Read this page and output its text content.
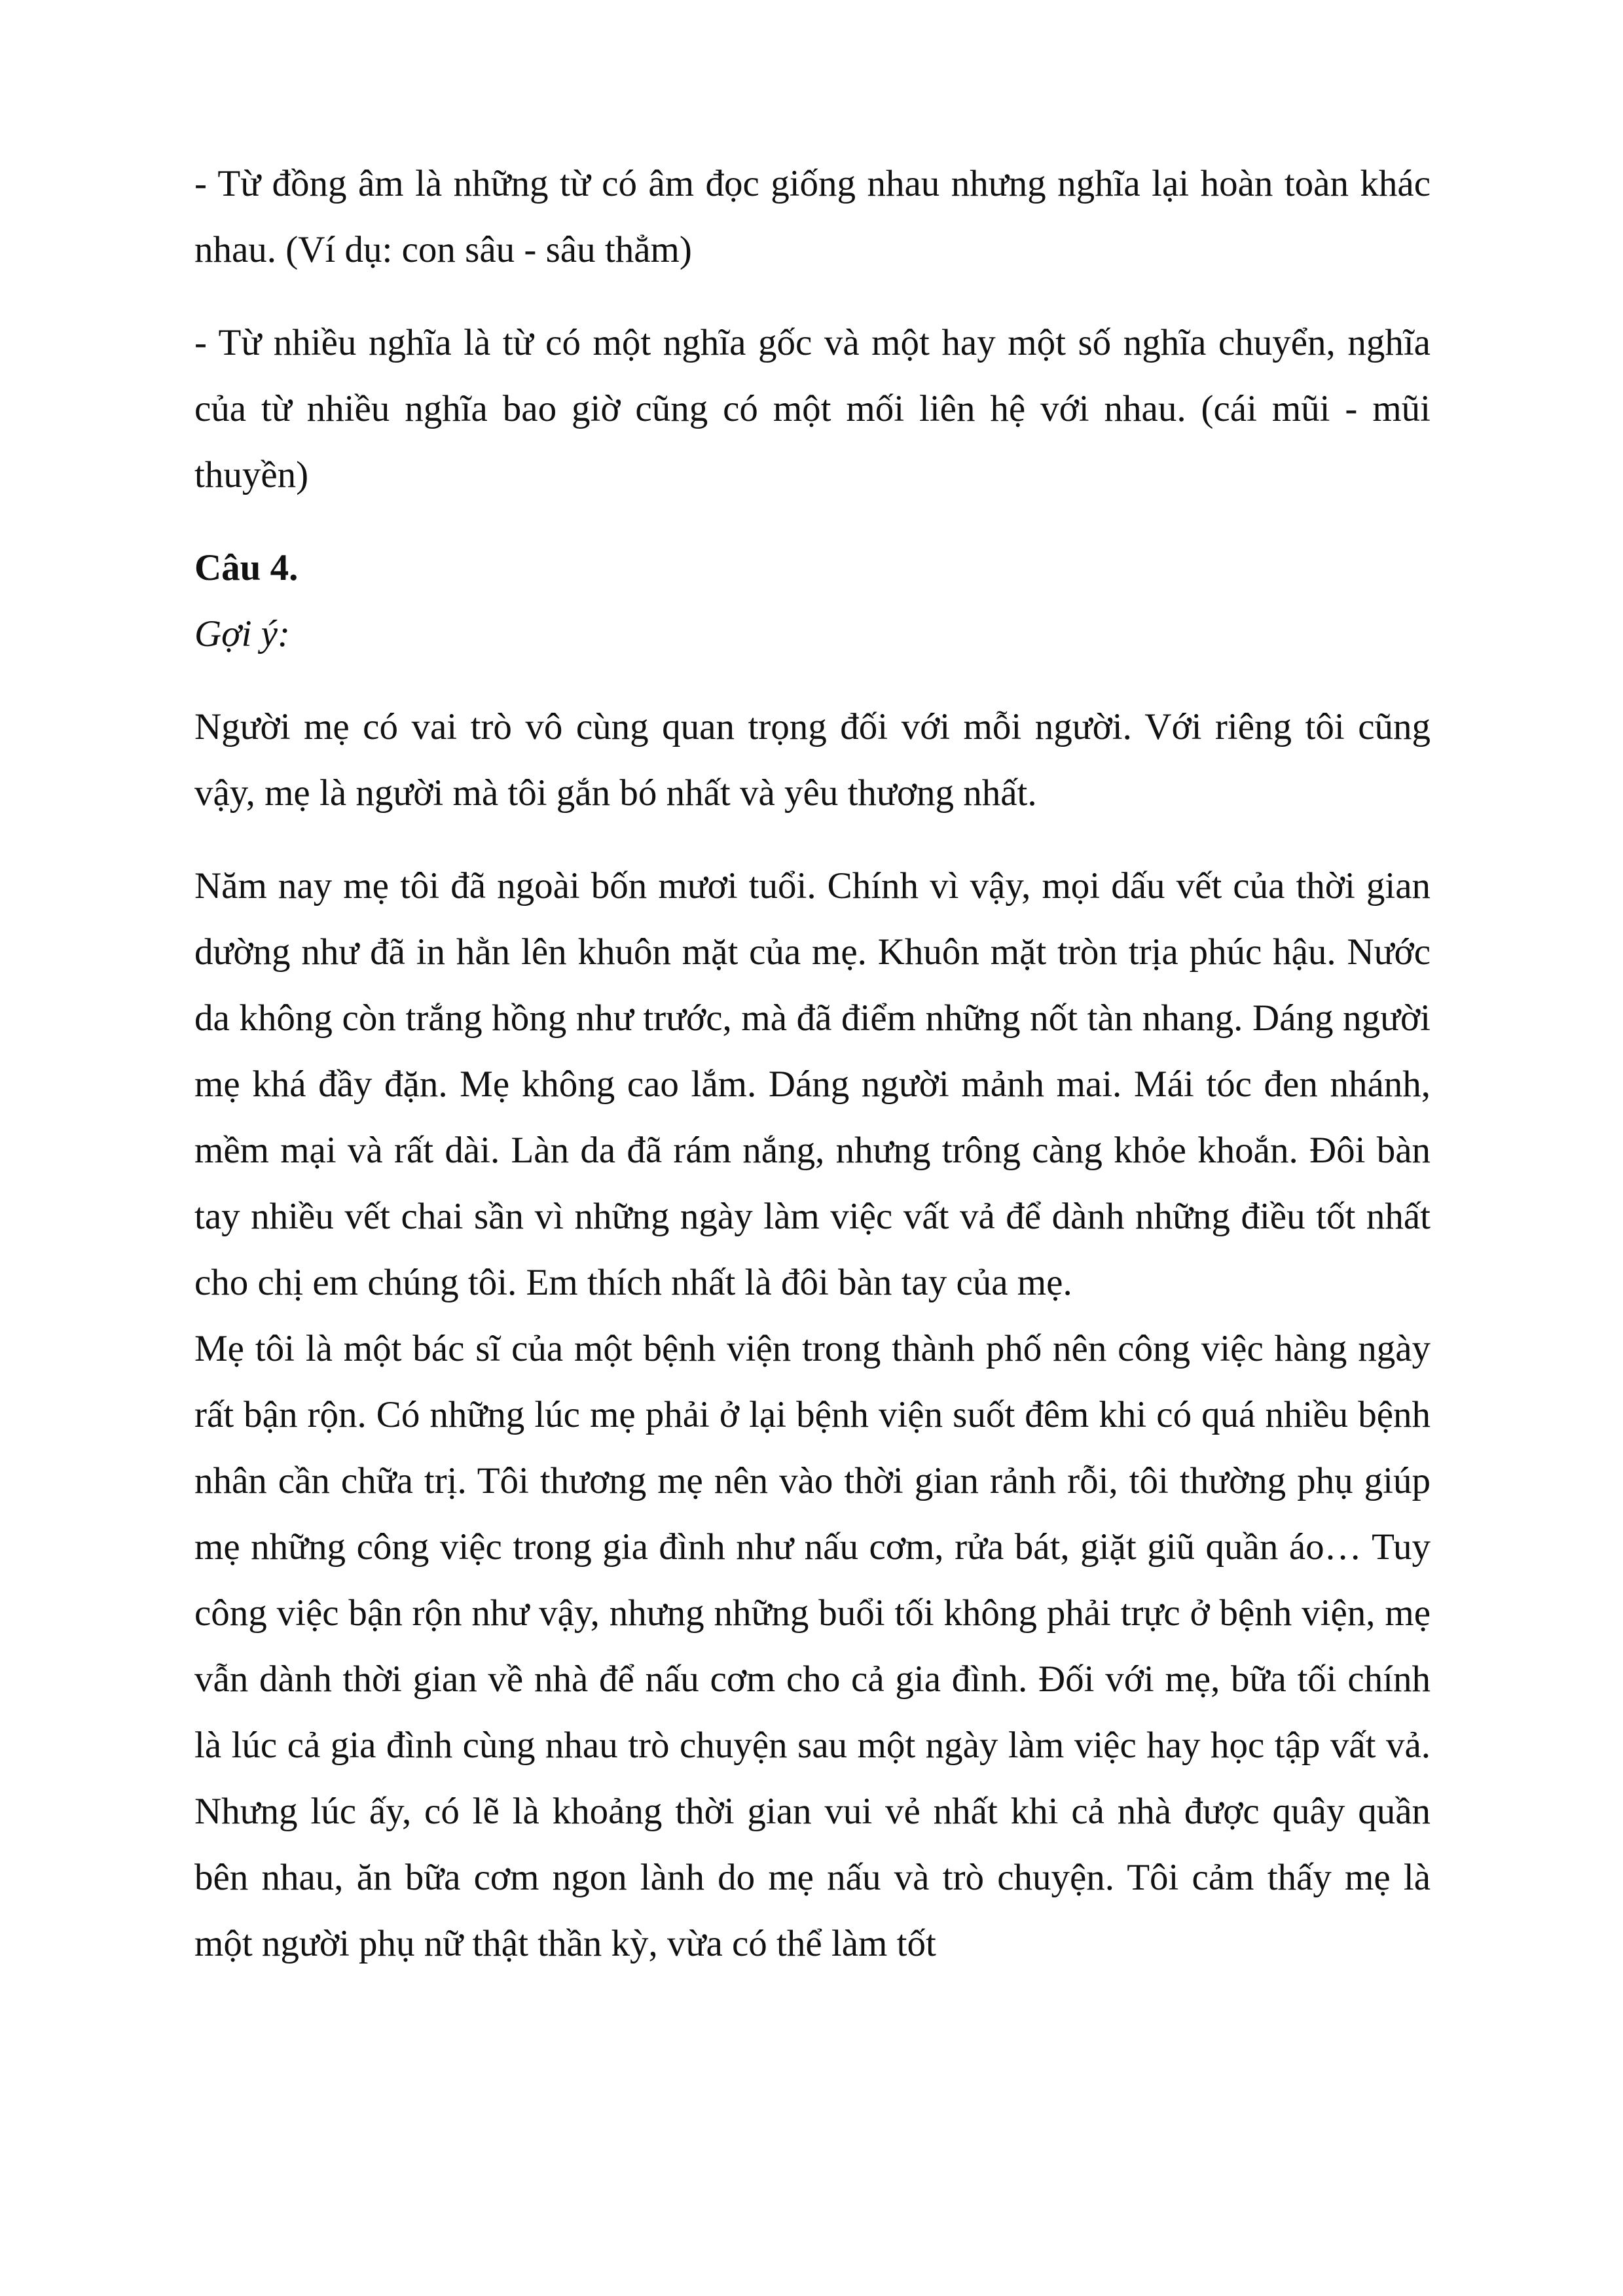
- Từ đồng âm là những từ có âm đọc giống nhau nhưng nghĩa lại hoàn toàn khác nhau. (Ví dụ: con sâu - sâu thẳm)

- Từ nhiều nghĩa là từ có một nghĩa gốc và một hay một số nghĩa chuyển, nghĩa của từ nhiều nghĩa bao giờ cũng có một mối liên hệ với nhau. (cái mũi - mũi thuyền)

Câu 4.

Gợi ý:

Người mẹ có vai trò vô cùng quan trọng đối với mỗi người. Với riêng tôi cũng vậy, mẹ là người mà tôi gắn bó nhất và yêu thương nhất.

Năm nay mẹ tôi đã ngoài bốn mươi tuổi. Chính vì vậy, mọi dấu vết của thời gian dường như đã in hằn lên khuôn mặt của mẹ. Khuôn mặt tròn trịa phúc hậu. Nước da không còn trắng hồng như trước, mà đã điểm những nốt tàn nhang. Dáng người mẹ khá đầy đặn. Mẹ không cao lắm. Dáng người mảnh mai. Mái tóc đen nhánh, mềm mại và rất dài. Làn da đã rám nắng, nhưng trông càng khỏe khoắn. Đôi bàn tay nhiều vết chai sần vì những ngày làm việc vất vả để dành những điều tốt nhất cho chị em chúng tôi. Em thích nhất là đôi bàn tay của mẹ.

Mẹ tôi là một bác sĩ của một bệnh viện trong thành phố nên công việc hàng ngày rất bận rộn. Có những lúc mẹ phải ở lại bệnh viện suốt đêm khi có quá nhiều bệnh nhân cần chữa trị. Tôi thương mẹ nên vào thời gian rảnh rỗi, tôi thường phụ giúp mẹ những công việc trong gia đình như nấu cơm, rửa bát, giặt giũ quần áo… Tuy công việc bận rộn như vậy, nhưng những buổi tối không phải trực ở bệnh viện, mẹ vẫn dành thời gian về nhà để nấu cơm cho cả gia đình. Đối với mẹ, bữa tối chính là lúc cả gia đình cùng nhau trò chuyện sau một ngày làm việc hay học tập vất vả. Nhưng lúc ấy, có lẽ là khoảng thời gian vui vẻ nhất khi cả nhà được quây quần bên nhau, ăn bữa cơm ngon lành do mẹ nấu và trò chuyện. Tôi cảm thấy mẹ là một người phụ nữ thật thần kỳ, vừa có thể làm tốt
